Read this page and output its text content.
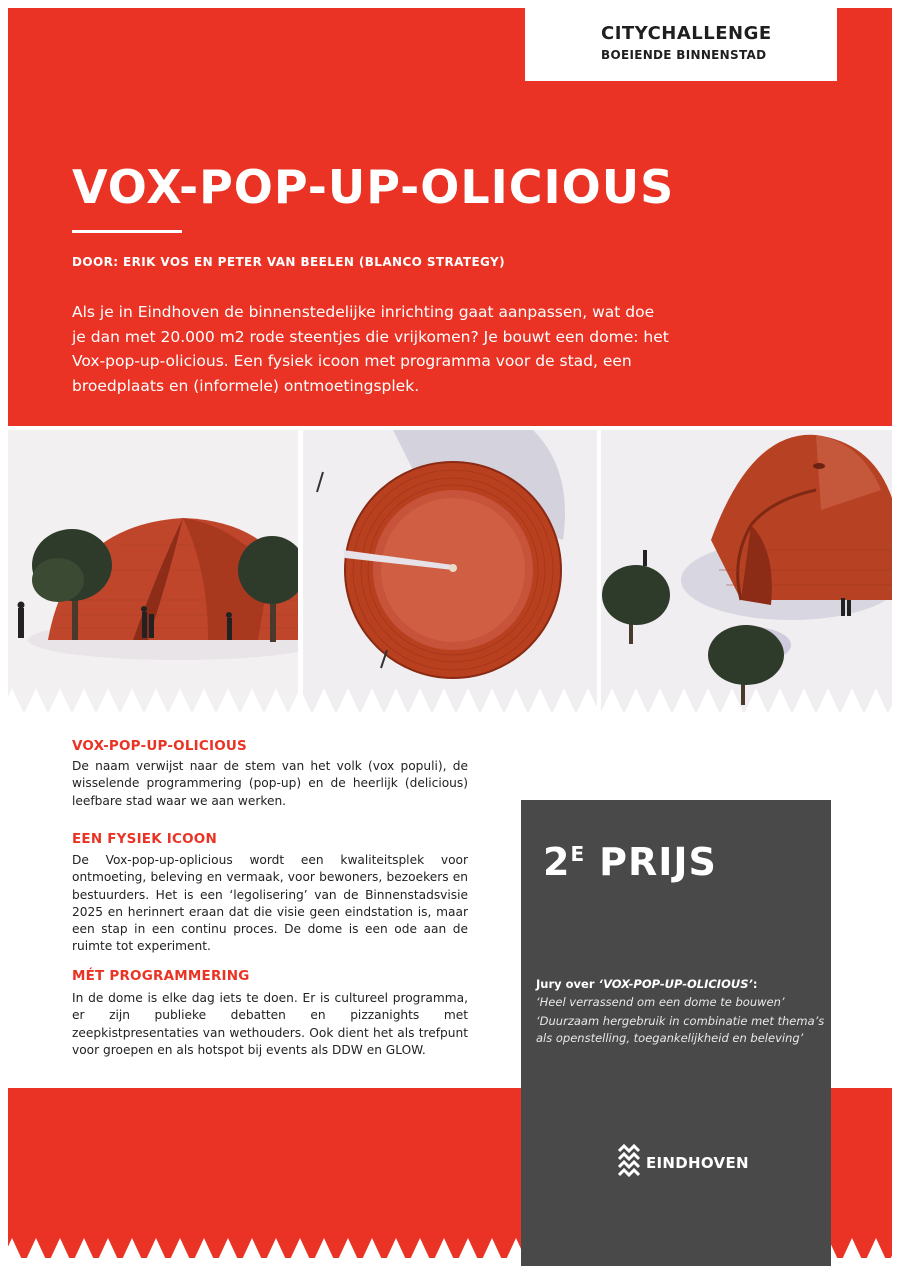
CITYCHALLENGE
BOEIENDE BINNENSTAD
VOX-POP-UP-OLICIOUS
DOOR: ERIK VOS EN PETER VAN BEELEN (BLANCO STRATEGY)
Als je in Eindhoven de binnenstedelijke inrichting gaat aanpassen, wat doe je dan met 20.000 m2 rode steentjes die vrijkomen? Je bouwt een dome: het Vox-pop-up-olicious. Een fysiek icoon met programma voor de stad, een broedplaats en (informele) ontmoetingsplek.
VOX-POP-UP-OLICIOUS
De naam verwijst naar de stem van het volk (vox populi), de wisselende programmering (pop-up) en de heerlijk (delicious) leefbare stad waar we aan werken.
EEN FYSIEK ICOON
De Vox-pop-up-oplicious wordt een kwaliteitsplek voor ontmoeting, beleving en vermaak, voor bewoners, bezoekers en bestuurders. Het is een ‘legolisering’ van de Binnenstadsvisie 2025 en herinnert eraan dat die visie geen eindstation is, maar een stap in een continu proces. De dome is een ode aan de ruimte tot experiment.
MÉT PROGRAMMERING
In de dome is elke dag iets te doen. Er is cultureel programma, er zijn publieke debatten en pizzanights met zeepkistpresentaties van wethouders. Ook dient het als trefpunt voor groepen en als hotspot bij events als DDW en GLOW.
$2^E$ PRIJS
Jury over ‘VOX-POP-UP-OLICIOUS’:
‘Heel verrassend om een dome te bouwen’
‘Duurzaam hergebruik in combinatie met thema’s als openstelling, toegankelijkheid en beleving’
EINDHOVEN
